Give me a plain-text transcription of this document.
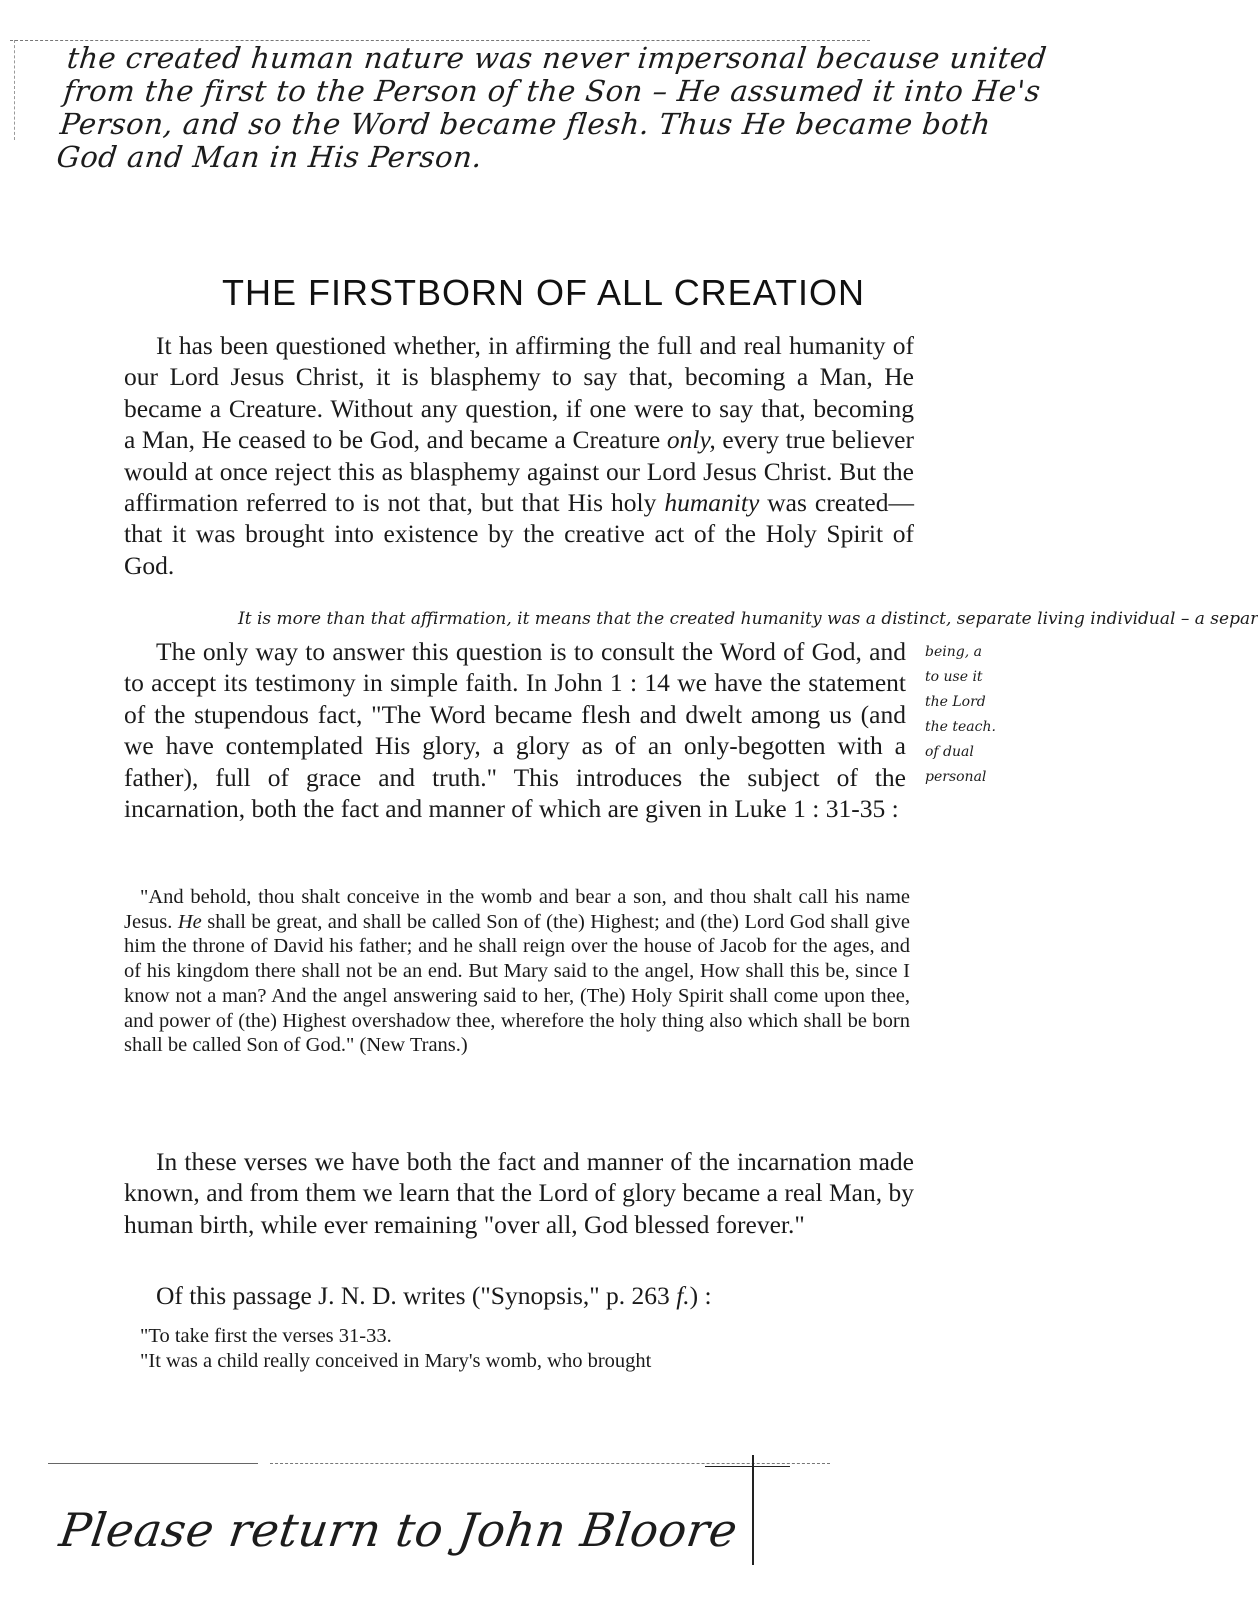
the created human nature was never impersonal because united from the first to the Person of the Son – He assumed it into He's Person, and so the Word became flesh. Thus He became both God and Man in His Person.
THE FIRSTBORN OF ALL CREATION

It has been questioned whether, in affirming the full and real humanity of our Lord Jesus Christ, it is blasphemy to say that, becoming a Man, He became a Creature. Without any question, if one were to say that, becoming a Man, He ceased to be God, and became a Creature only, every true believer would at once reject this as blasphemy against our Lord Jesus Christ. But the affirmation referred to is not that, but that His holy humanity was created—that it was brought into existence by the creative act of the Holy Spirit of God.

It is more than that affirmation, it means that the created humanity was a distinct, separate living individual – a separ

The only way to answer this question is to consult the Word of God, and to accept its testimony in simple faith. In John 1 : 14 we have the statement of the stupendous fact, "The Word became flesh and dwelt among us (and we have contemplated His glory, a glory as of an only-begotten with a father), full of grace and truth." This introduces the subject of the incarnation, both the fact and manner of which are given in Luke 1 : 31-35 :

being, a
to use it
the Lord
the teach.
of dual
personal

"And behold, thou shalt conceive in the womb and bear a son, and thou shalt call his name Jesus. He shall be great, and shall be called Son of (the) Highest; and (the) Lord God shall give him the throne of David his father; and he shall reign over the house of Jacob for the ages, and of his kingdom there shall not be an end. But Mary said to the angel, How shall this be, since I know not a man? And the angel answering said to her, (The) Holy Spirit shall come upon thee, and power of (the) Highest overshadow thee, wherefore the holy thing also which shall be born shall be called Son of God." (New Trans.)

In these verses we have both the fact and manner of the incarnation made known, and from them we learn that the Lord of glory became a real Man, by human birth, while ever remaining "over all, God blessed forever."

Of this passage J. N. D. writes ("Synopsis," p. 263 f.) :

"To take first the verses 31-33.

"It was a child really conceived in Mary's womb, who brought

Please return to John Bloore
